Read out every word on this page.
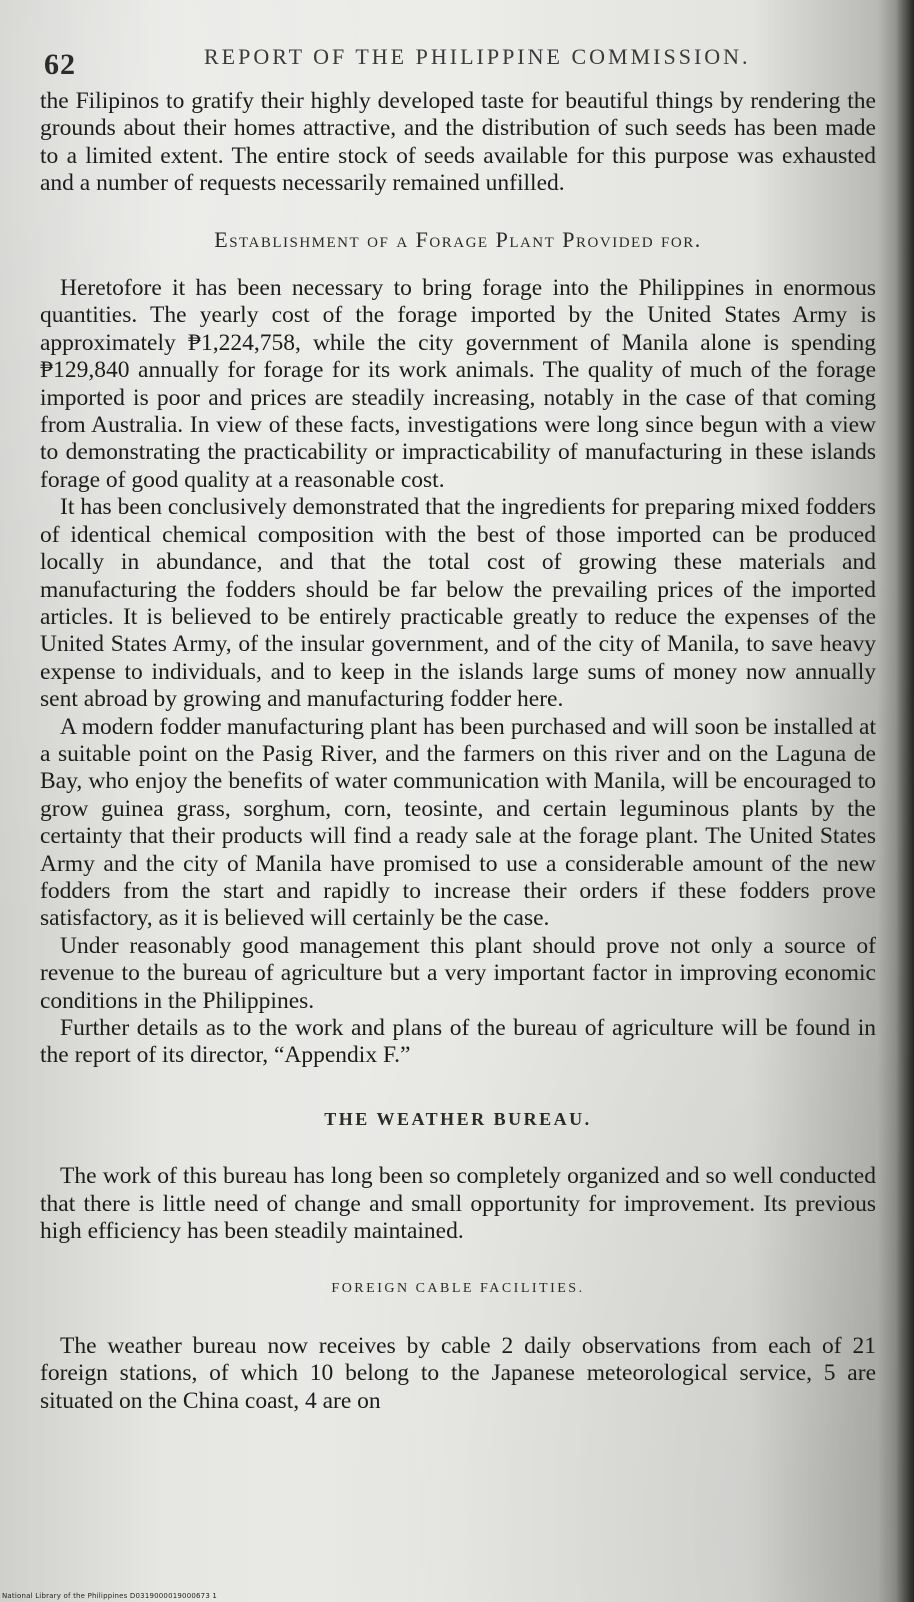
62	REPORT OF THE PHILIPPINE COMMISSION.

the Filipinos to gratify their highly developed taste for beautiful things by rendering the grounds about their homes attractive, and the distribution of such seeds has been made to a limited extent. The entire stock of seeds available for this purpose was exhausted and a number of requests necessarily remained unfilled.

Establishment of a Forage Plant Provided for.

Heretofore it has been necessary to bring forage into the Philippines in enormous quantities. The yearly cost of the forage imported by the United States Army is approximately ₱1,224,758, while the city government of Manila alone is spending ₱129,840 annually for forage for its work animals. The quality of much of the forage imported is poor and prices are steadily increasing, notably in the case of that coming from Australia. In view of these facts, investigations were long since begun with a view to demonstrating the practicability or impracticability of manufacturing in these islands forage of good quality at a reasonable cost.

It has been conclusively demonstrated that the ingredients for preparing mixed fodders of identical chemical composition with the best of those imported can be produced locally in abundance, and that the total cost of growing these materials and manufacturing the fodders should be far below the prevailing prices of the imported articles. It is believed to be entirely practicable greatly to reduce the expenses of the United States Army, of the insular government, and of the city of Manila, to save heavy expense to individuals, and to keep in the islands large sums of money now annually sent abroad by growing and manufacturing fodder here.

A modern fodder manufacturing plant has been purchased and will soon be installed at a suitable point on the Pasig River, and the farmers on this river and on the Laguna de Bay, who enjoy the benefits of water communication with Manila, will be encouraged to grow guinea grass, sorghum, corn, teosinte, and certain leguminous plants by the certainty that their products will find a ready sale at the forage plant. The United States Army and the city of Manila have promised to use a considerable amount of the new fodders from the start and rapidly to increase their orders if these fodders prove satisfactory, as it is believed will certainly be the case.

Under reasonably good management this plant should prove not only a source of revenue to the bureau of agriculture but a very important factor in improving economic conditions in the Philippines.

Further details as to the work and plans of the bureau of agriculture will be found in the report of its director, “Appendix F.”

THE WEATHER BUREAU.

The work of this bureau has long been so completely organized and so well conducted that there is little need of change and small opportunity for improvement. Its previous high efficiency has been steadily maintained.

FOREIGN CABLE FACILITIES.

The weather bureau now receives by cable 2 daily observations from each of 21 foreign stations, of which 10 belong to the Japanese meteorological service, 5 are situated on the China coast, 4 are on

National Library of the Philippines D0319000019000673 1
